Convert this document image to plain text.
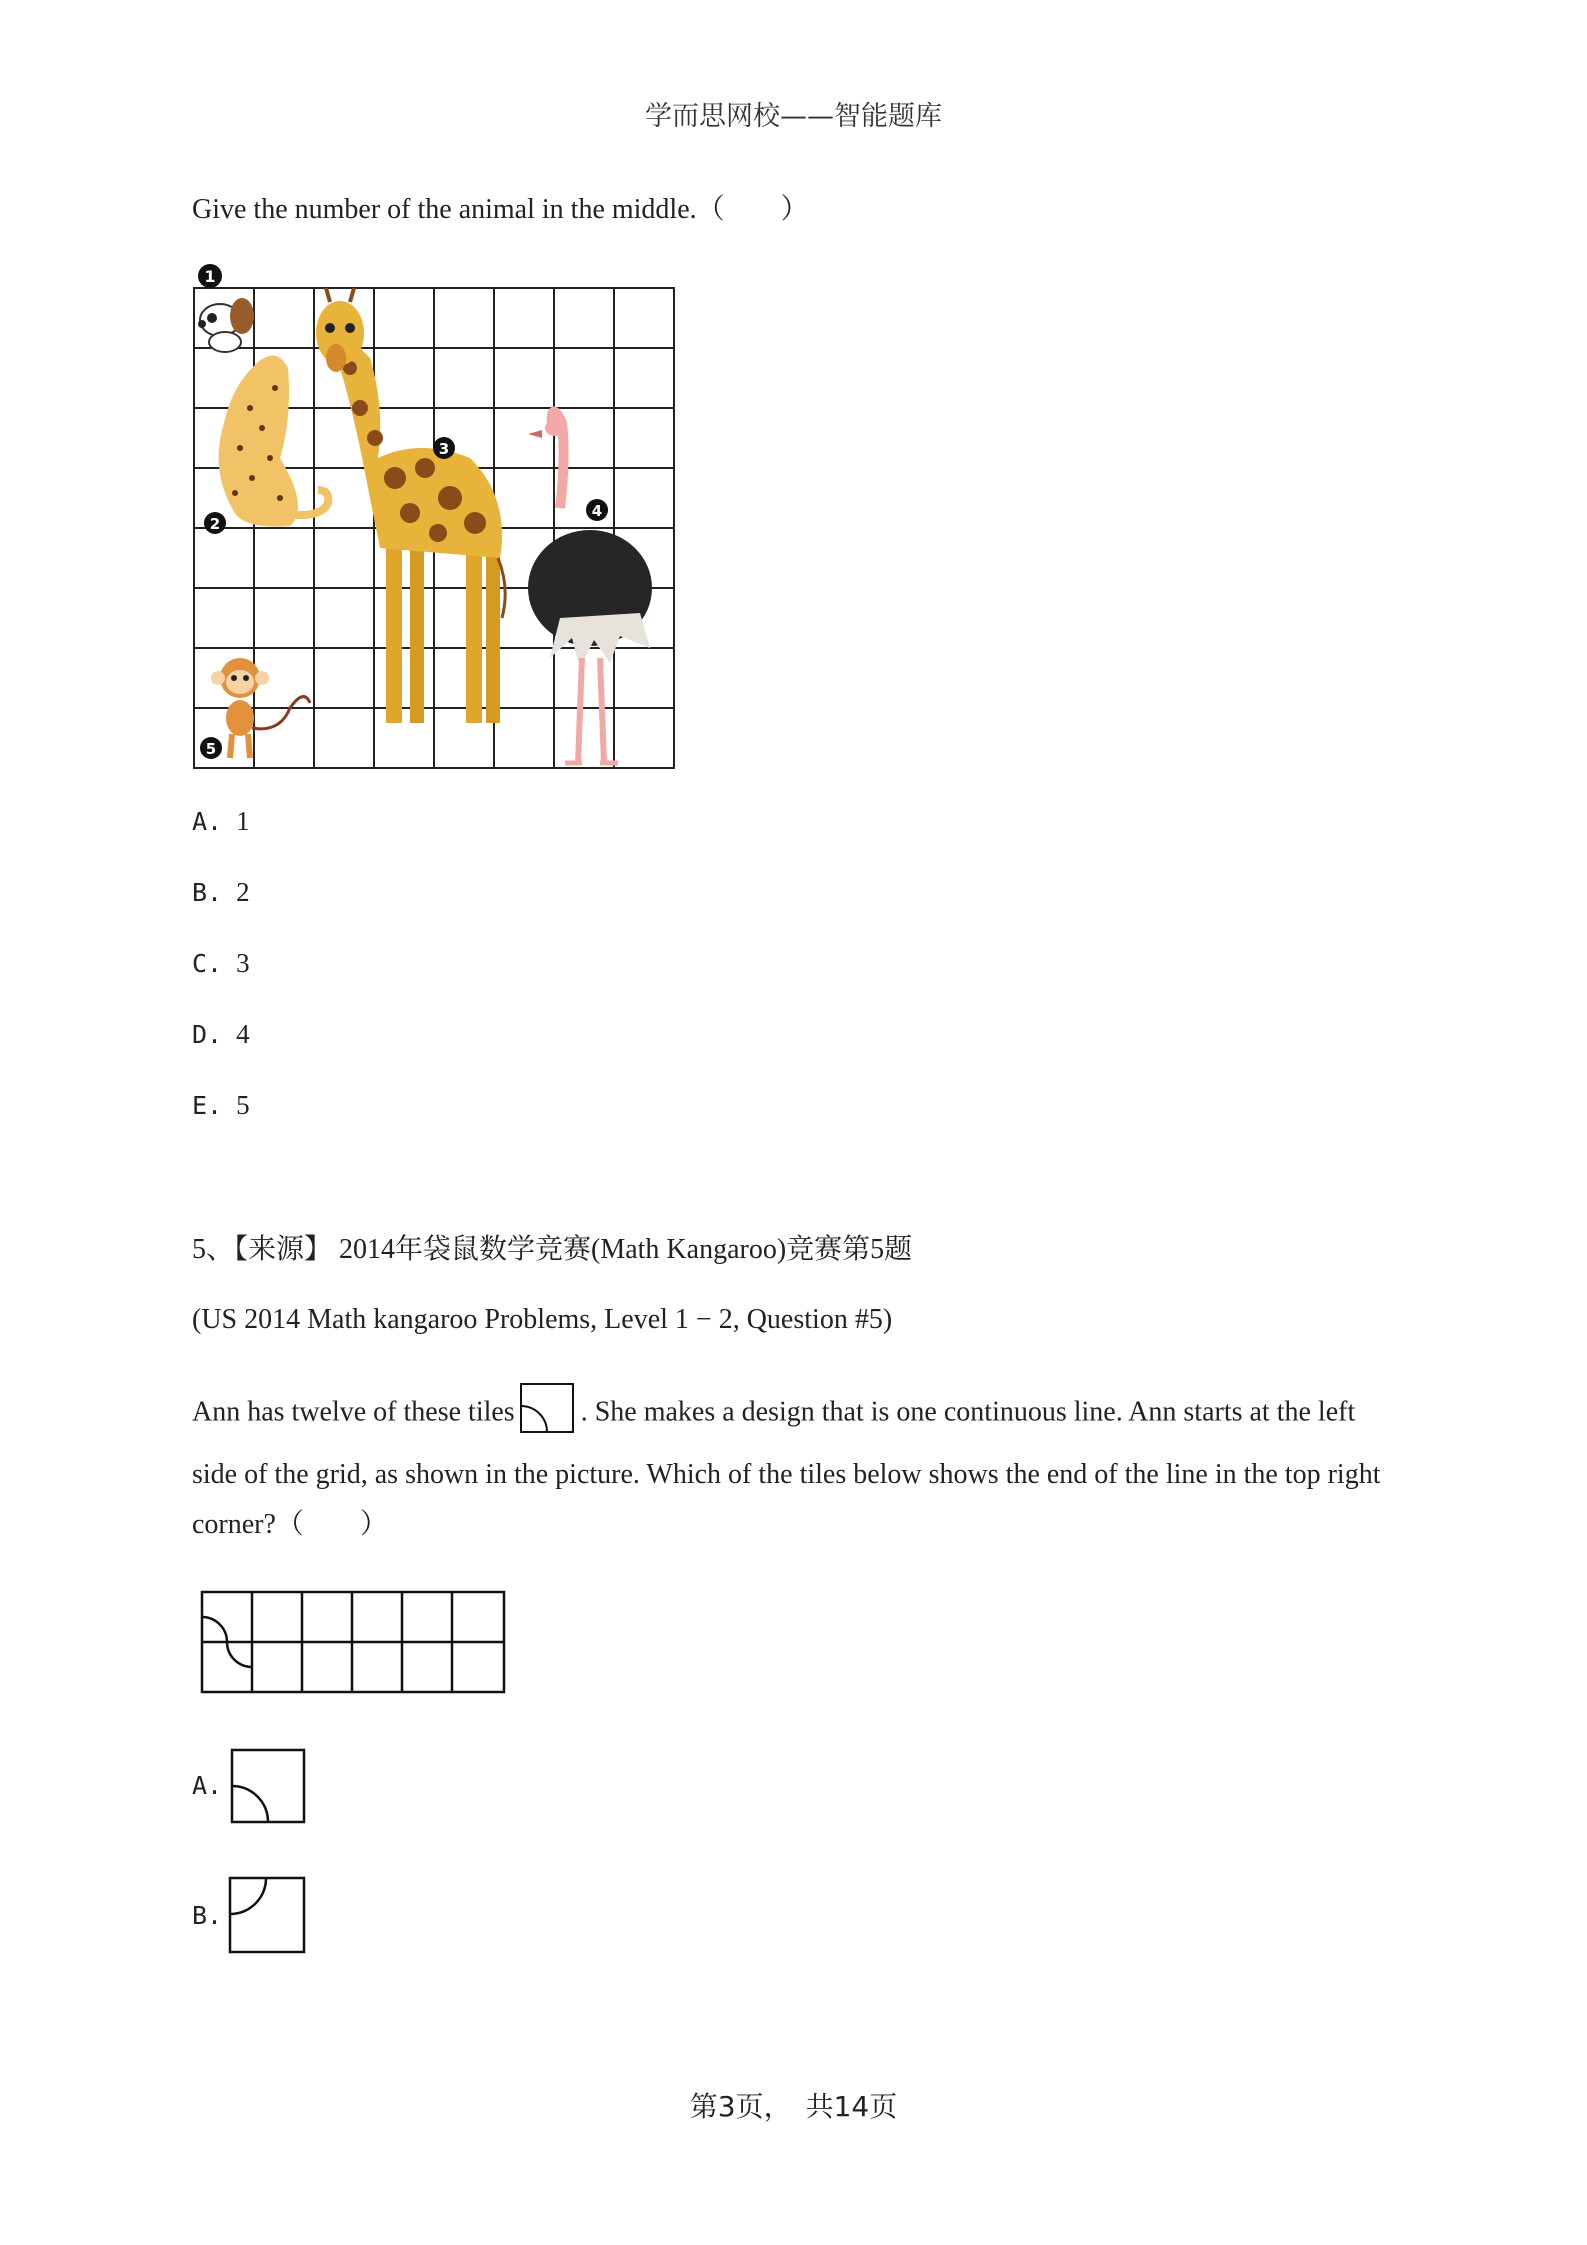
学而思网校——智能题库
Give the number of the animal in the middle.（　　）
1
2
3
4
5
A. 1
B. 2
C. 3
D. 4
E. 5
5、【来源】 2014年袋鼠数学竞赛(Math Kangaroo)竞赛第5题
(US 2014 Math kangaroo Problems, Level 1 − 2, Question #5)
Ann has twelve of these tiles . She makes a design that is one continuous line. Ann starts at the left
side of the grid, as shown in the picture. Which of the tiles below shows the end of the line in the top right
corner?（　　）
A.
B.
第3页，　共14页
